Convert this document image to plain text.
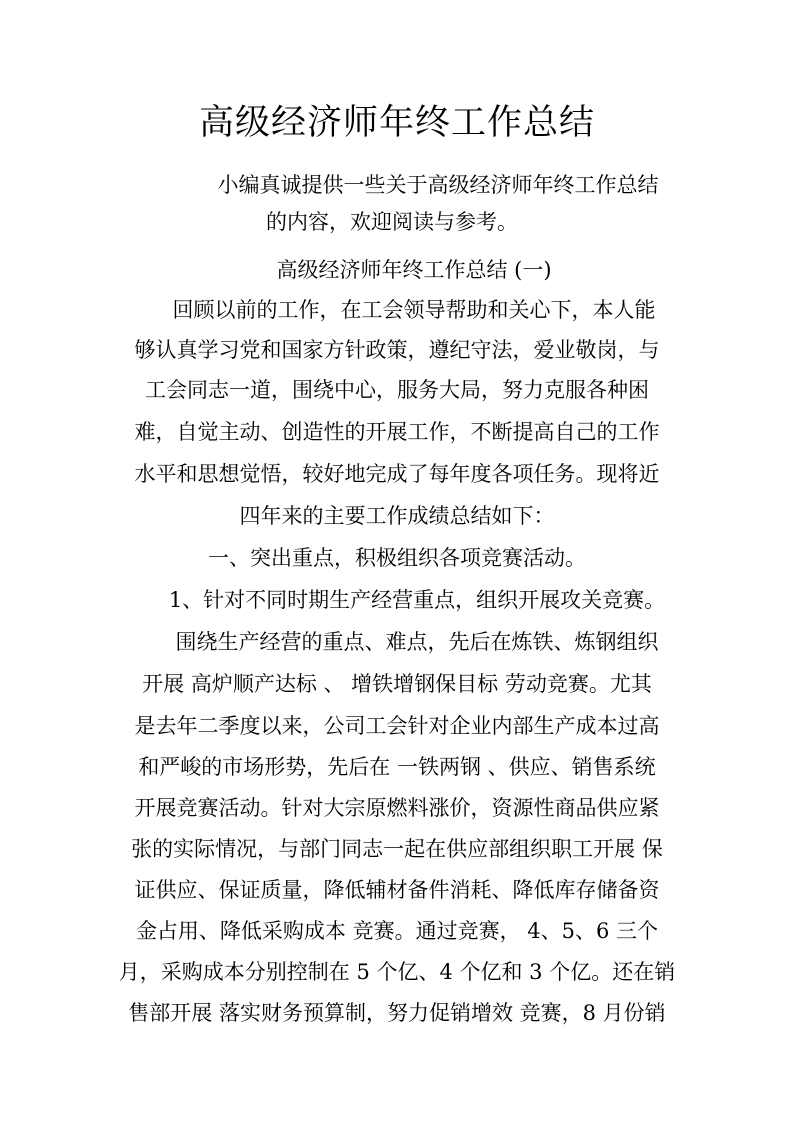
高级经济师年终工作总结
小编真诚提供一些关于高级经济师年终工作总结
的内容，欢迎阅读与参考。
高级经济师年终工作总结 (一)
回顾以前的工作，在工会领导帮助和关心下，本人能
够认真学习党和国家方针政策，遵纪守法，爱业敬岗，与
工会同志一道，围绕中心，服务大局，努力克服各种困
难，自觉主动、创造性的开展工作，不断提高自己的工作
水平和思想觉悟，较好地完成了每年度各项任务。现将近
四年来的主要工作成绩总结如下：
一、突出重点，积极组织各项竞赛活动。
1、针对不同时期生产经营重点，组织开展攻关竞赛。
围绕生产经营的重点、难点，先后在炼铁、炼钢组织
开展 高炉顺产达标 、 增铁增钢保目标 劳动竞赛。尤其
是去年二季度以来，公司工会针对企业内部生产成本过高
和严峻的市场形势，先后在 一铁两钢 、供应、销售系统
开展竞赛活动。针对大宗原燃料涨价，资源性商品供应紧
张的实际情况，与部门同志一起在供应部组织职工开展 保
证供应、保证质量，降低辅材备件消耗、降低库存储备资
金占用、降低采购成本 竞赛。通过竞赛， 4、5、6 三个
月，采购成本分别控制在 5 个亿、4 个亿和 3 个亿。还在销
售部开展 落实财务预算制，努力促销增效 竞赛，8 月份销
